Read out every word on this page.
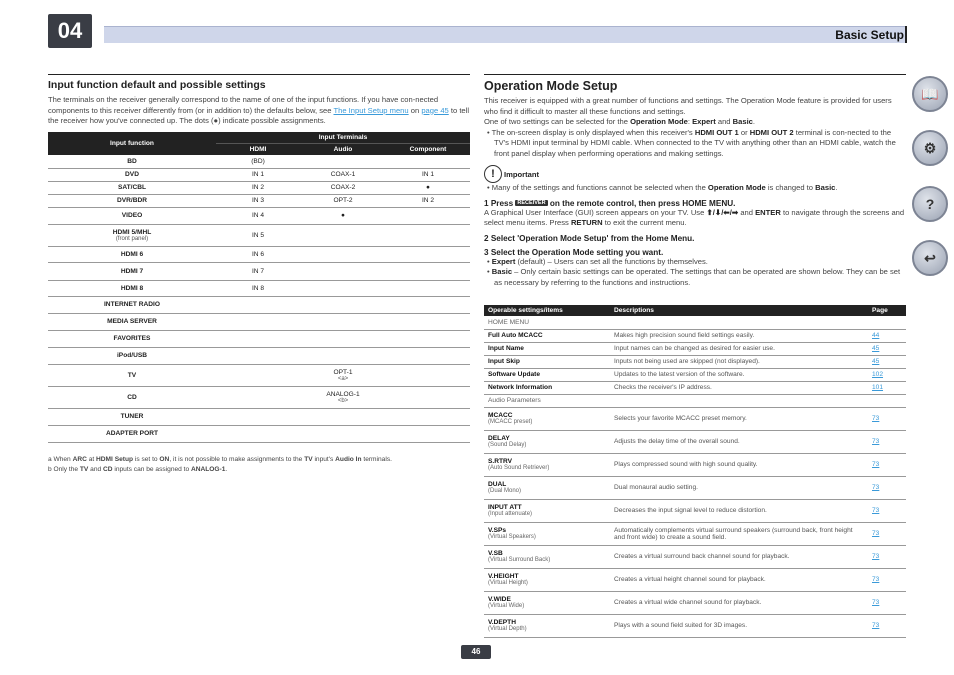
04	Basic Setup
📖
⚙
?
↩
Input function default and possible settings

The terminals on the receiver generally correspond to the name of one of the input functions. If you have con-nected components to this receiver differently from (or in addition to) the defaults below, see The Input Setup menu on page 45 to tell the receiver how you've connected up. The dots (●) indicate possible assignments.

Input function	Input Terminals		
	HDMI	Audio	Component
BD	(BD)		
DVD	IN 1	COAX-1	IN 1
SAT/CBL	IN 2	COAX-2	●
DVR/BDR	IN 3	OPT-2	IN 2
VIDEO	IN 4	●	
HDMI 5/MHL
(front panel)	IN 5		
HDMI 6	IN 6		
HDMI 7	IN 7		
HDMI 8	IN 8		
INTERNET RADIO			
MEDIA SERVER			
FAVORITES			
iPod/USB			
TV		OPT-1
<a>	

CD		ANALOG-1
<b>	

TUNER			
ADAPTER PORT			
a When ARC at HDMI Setup is set to ON, it is not possible to make assignments to the TV input's Audio In terminals.
b Only the TV and CD inputs can be assigned to ANALOG-1.
Operation Mode Setup

This receiver is equipped with a great number of functions and settings. The Operation Mode feature is provided for users who find it difficult to master all these functions and settings.

One of two settings can be selected for the Operation Mode: Expert and Basic.

• The on-screen display is only displayed when this receiver's HDMI OUT 1 or HDMI OUT 2 terminal is con-nected to the TV's HDMI input terminal by HDMI cable. When connected to the TV with anything other than an HDMI cable, watch the front panel display when performing operations and making settings.

!	Important

• Many of the settings and functions cannot be selected when the Operation Mode is changed to Basic.

1 Press RECEIVER on the remote control, then press HOME MENU.

A Graphical User Interface (GUI) screen appears on your TV. Use ⬆/⬇/⬅/➡ and ENTER to navigate through the screens and select menu items. Press RETURN to exit the current menu.

2 Select 'Operation Mode Setup' from the Home Menu.

3 Select the Operation Mode setting you want.

• Expert (default) – Users can set all the functions by themselves.

• Basic – Only certain basic settings can be operated. The settings that can be operated are shown below. They can be set as necessary by referring to the functions and instructions.

Operable settings/items	Descriptions	Page
HOME MENU		
Full Auto MCACC	Makes high precision sound field settings easily.	44
Input Name	Input names can be changed as desired for easier use.	45
Input Skip	Inputs not being used are skipped (not displayed).	45
Software Update	Updates to the latest version of the software.	102
Network Information	Checks the receiver's IP address.	101
Audio Parameters		
MCACC
(MCACC preset)	Selects your favorite MCACC preset memory.	73
DELAY
(Sound Delay)	Adjusts the delay time of the overall sound.	73
S.RTRV
(Auto Sound Retriever)	Plays compressed sound with high sound quality.	73
DUAL
(Dual Mono)	Dual monaural audio setting.	73
INPUT ATT
(Input attenuate)	Decreases the input signal level to reduce distortion.	73
V.SPs
(Virtual Speakers)	Automatically complements virtual surround speakers (surround back, front height and front wide) to create a sound field.	73
V.SB
(Virtual Surround Back)	Creates a virtual surround back channel sound for playback.	73
V.HEIGHT
(Virtual Height)	Creates a virtual height channel sound for playback.	73
V.WIDE
(Virtual Wide)	Creates a virtual wide channel sound for playback.	73
V.DEPTH
(Virtual Depth)	Plays with a sound field suited for 3D images.	73
46
